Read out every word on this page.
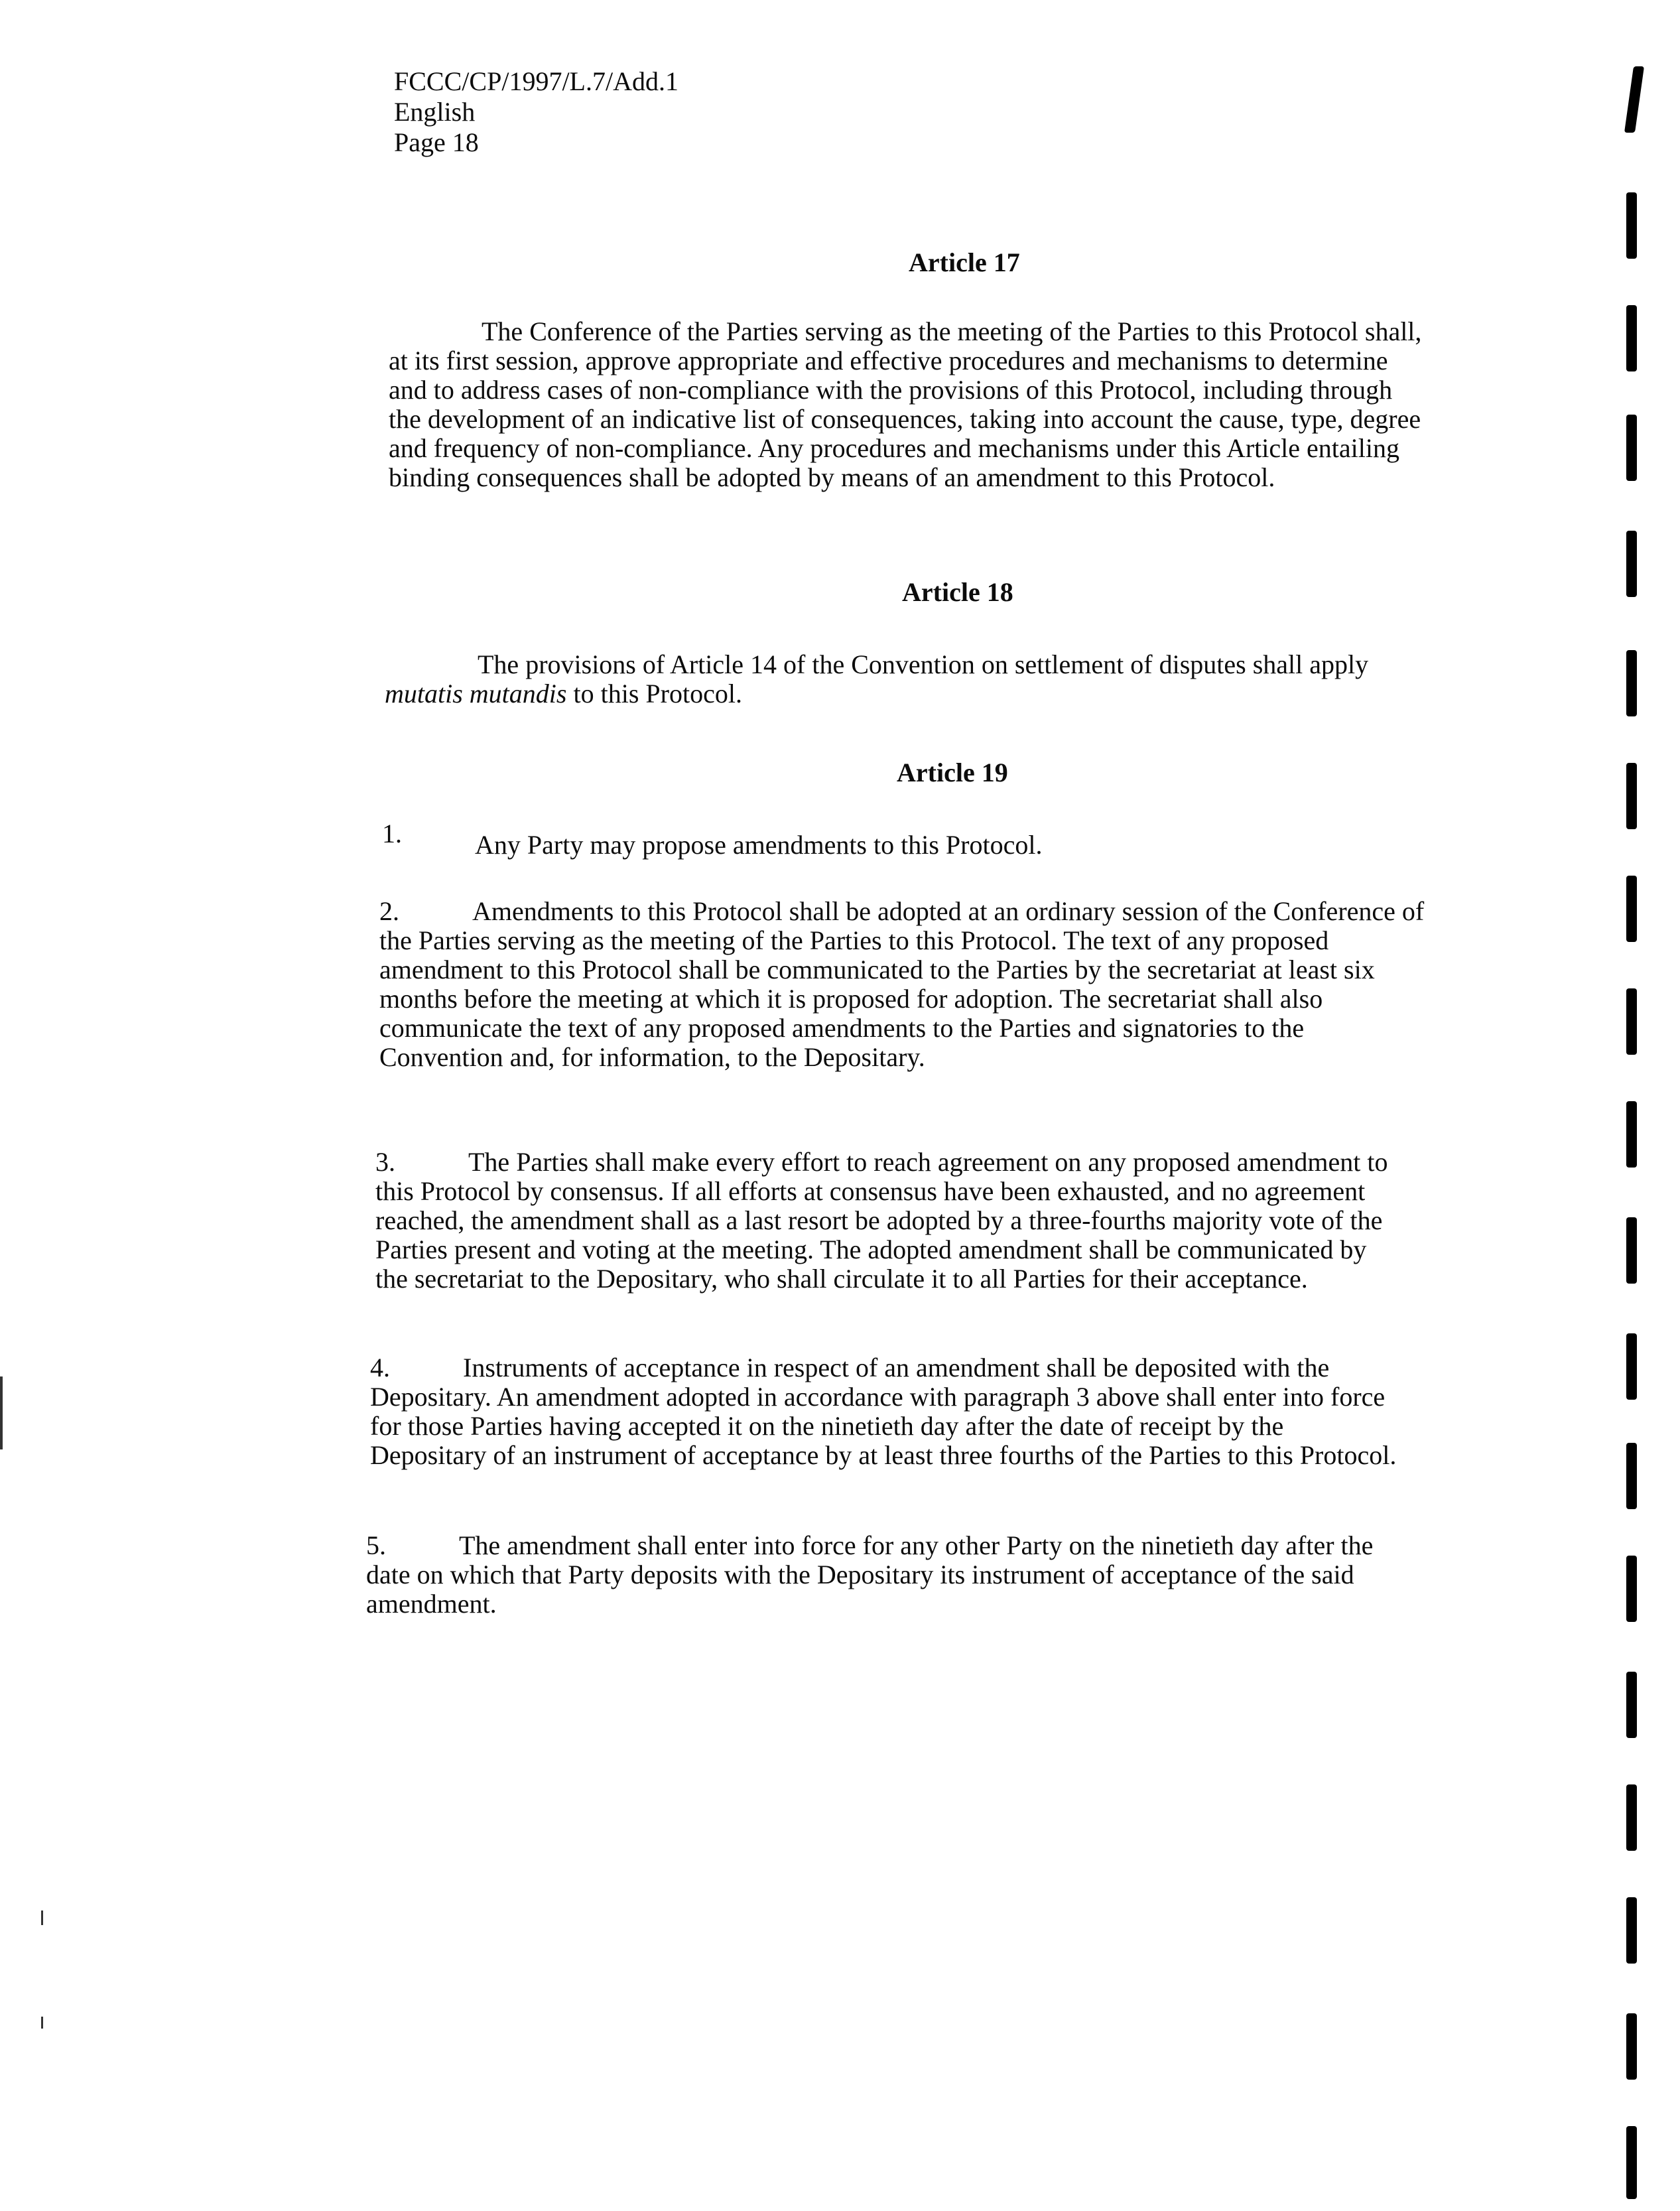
FCCC/CP/1997/L.7/Add.1
English
Page 18
Article 17
The Conference of the Parties serving as the meeting of the Parties to this Protocol shall,
at its first session, approve appropriate and effective procedures and mechanisms to determine
and to address cases of non-compliance with the provisions of this Protocol, including through
the development of an indicative list of consequences, taking into account the cause, type, degree
and frequency of non-compliance. Any procedures and mechanisms under this Article entailing
binding consequences shall be adopted by means of an amendment to this Protocol.
Article 18
The provisions of Article 14 of the Convention on settlement of disputes shall apply
mutatis mutandis to this Protocol.
Article 19
1.	Any Party may propose amendments to this Protocol.
2.	Amendments to this Protocol shall be adopted at an ordinary session of the Conference of
the Parties serving as the meeting of the Parties to this Protocol. The text of any proposed
amendment to this Protocol shall be communicated to the Parties by the secretariat at least six
months before the meeting at which it is proposed for adoption. The secretariat shall also
communicate the text of any proposed amendments to the Parties and signatories to the
Convention and, for information, to the Depositary.
3.	The Parties shall make every effort to reach agreement on any proposed amendment to
this Protocol by consensus. If all efforts at consensus have been exhausted, and no agreement
reached, the amendment shall as a last resort be adopted by a three-fourths majority vote of the
Parties present and voting at the meeting. The adopted amendment shall be communicated by
the secretariat to the Depositary, who shall circulate it to all Parties for their acceptance.
4.	Instruments of acceptance in respect of an amendment shall be deposited with the
Depositary. An amendment adopted in accordance with paragraph 3 above shall enter into force
for those Parties having accepted it on the ninetieth day after the date of receipt by the
Depositary of an instrument of acceptance by at least three fourths of the Parties to this Protocol.
5.	The amendment shall enter into force for any other Party on the ninetieth day after the
date on which that Party deposits with the Depositary its instrument of acceptance of the said
amendment.
